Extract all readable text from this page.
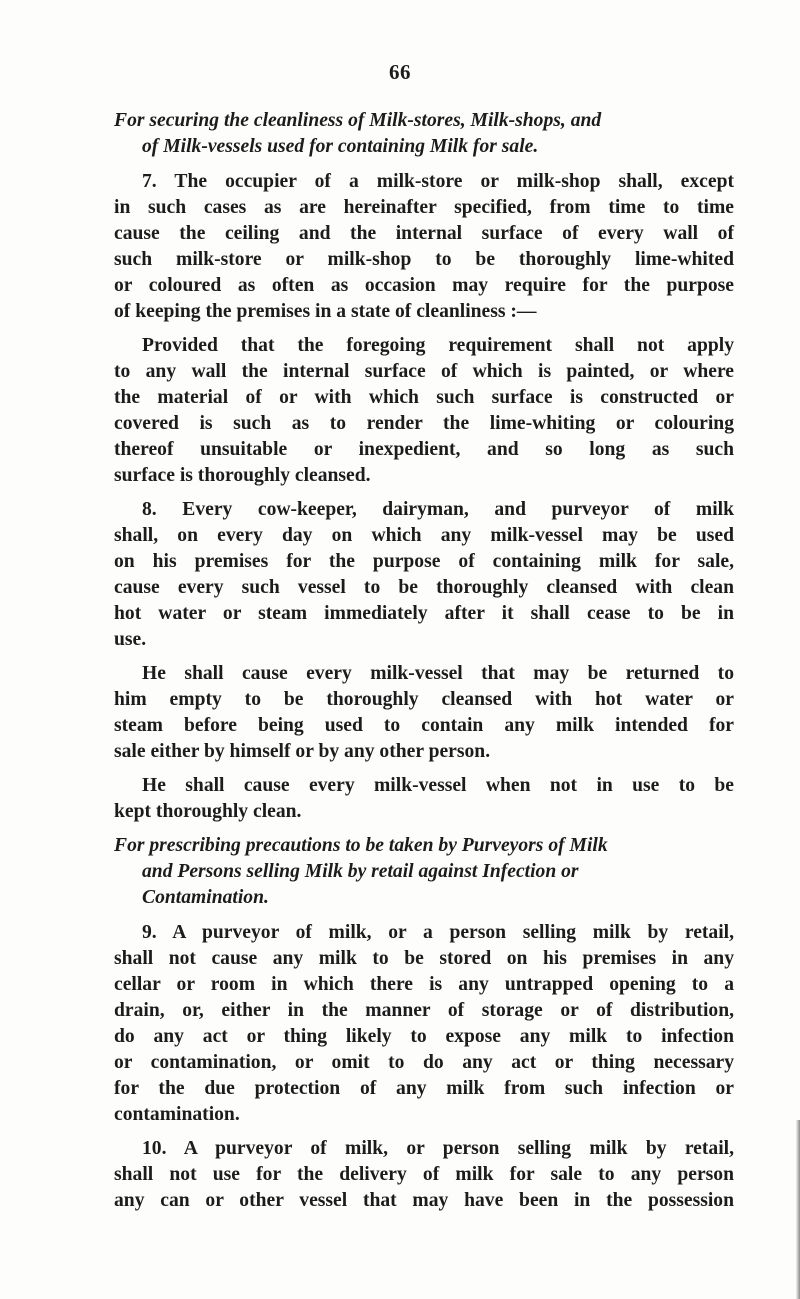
66
For securing the cleanliness of Milk-stores, Milk-shops, and
of Milk-vessels used for containing Milk for sale.
7. The occupier of a milk-store or milk-shop shall, except
in such cases as are hereinafter specified, from time to time
cause the ceiling and the internal surface of every wall of
such milk-store or milk-shop to be thoroughly lime-whited
or coloured as often as occasion may require for the purpose
of keeping the premises in a state of cleanliness :—
Provided that the foregoing requirement shall not apply
to any wall the internal surface of which is painted, or where
the material of or with which such surface is constructed or
covered is such as to render the lime-whiting or colouring
thereof unsuitable or inexpedient, and so long as such
surface is thoroughly cleansed.
8. Every cow-keeper, dairyman, and purveyor of milk
shall, on every day on which any milk-vessel may be used
on his premises for the purpose of containing milk for sale,
cause every such vessel to be thoroughly cleansed with clean
hot water or steam immediately after it shall cease to be in
use.
He shall cause every milk-vessel that may be returned to
him empty to be thoroughly cleansed with hot water or
steam before being used to contain any milk intended for
sale either by himself or by any other person.
He shall cause every milk-vessel when not in use to be
kept thoroughly clean.
For prescribing precautions to be taken by Purveyors of Milk
and Persons selling Milk by retail against Infection or
Contamination.
9. A purveyor of milk, or a person selling milk by retail,
shall not cause any milk to be stored on his premises in any
cellar or room in which there is any untrapped opening to a
drain, or, either in the manner of storage or of distribution,
do any act or thing likely to expose any milk to infection
or contamination, or omit to do any act or thing necessary
for the due protection of any milk from such infection or
contamination.
10. A purveyor of milk, or person selling milk by retail,
shall not use for the delivery of milk for sale to any person
any can or other vessel that may have been in the possession
